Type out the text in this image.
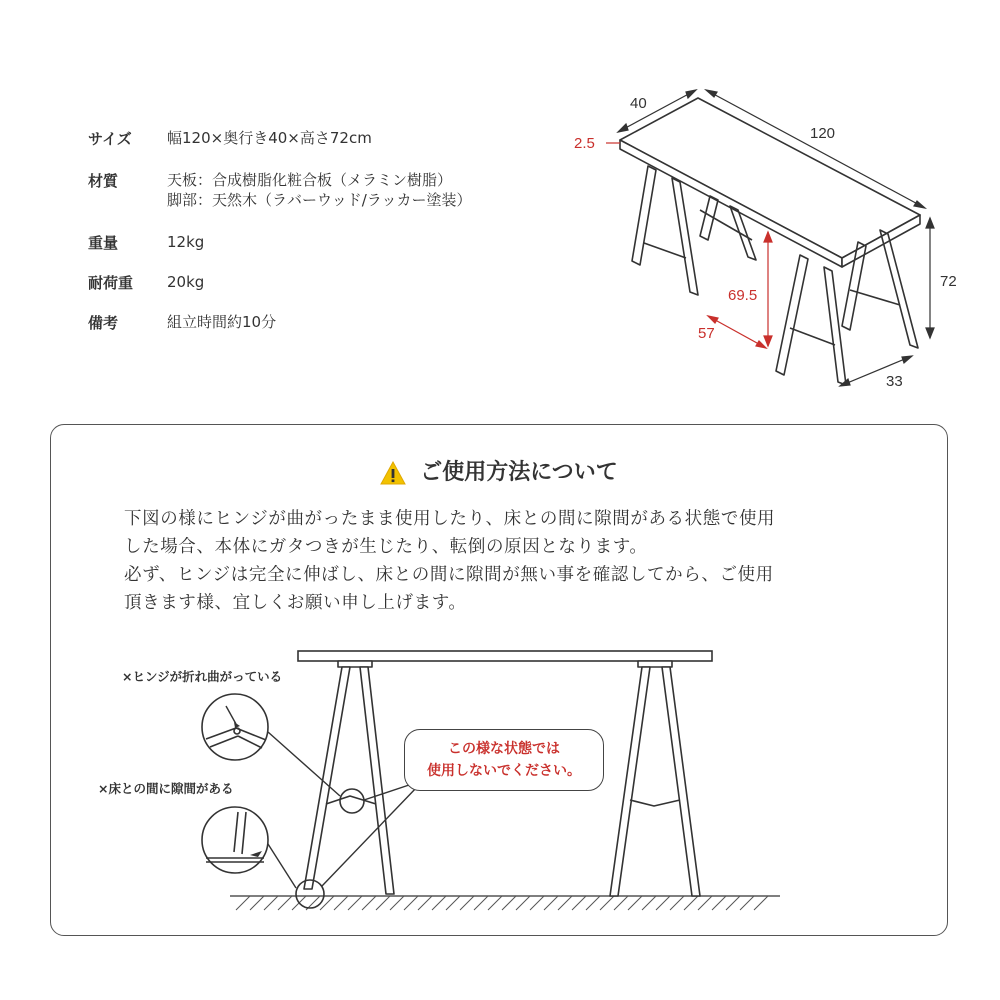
サイズ 幅120×奥行き40×高さ72cm
材質	天板：合成樹脂化粧合板（メラミン樹脂）
脚部：天然木（ラバーウッド/ラッカー塗装）
重量	12kg
耐荷重 20kg
備考	組立時間約10分
40
120
2.5
72
69.5
57
33
ご使用方法について
下図の様にヒンジが曲がったまま使用したり、床との間に隙間がある状態で使用
した場合、本体にガタつきが生じたり、転倒の原因となります。
必ず、ヒンジは完全に伸ばし、床との間に隙間が無い事を確認してから、ご使用
頂きます様、宜しくお願い申し上げます。
×ヒンジが折れ曲がっている
×床との間に隙間がある
この様な状態では
使用しないでください。
